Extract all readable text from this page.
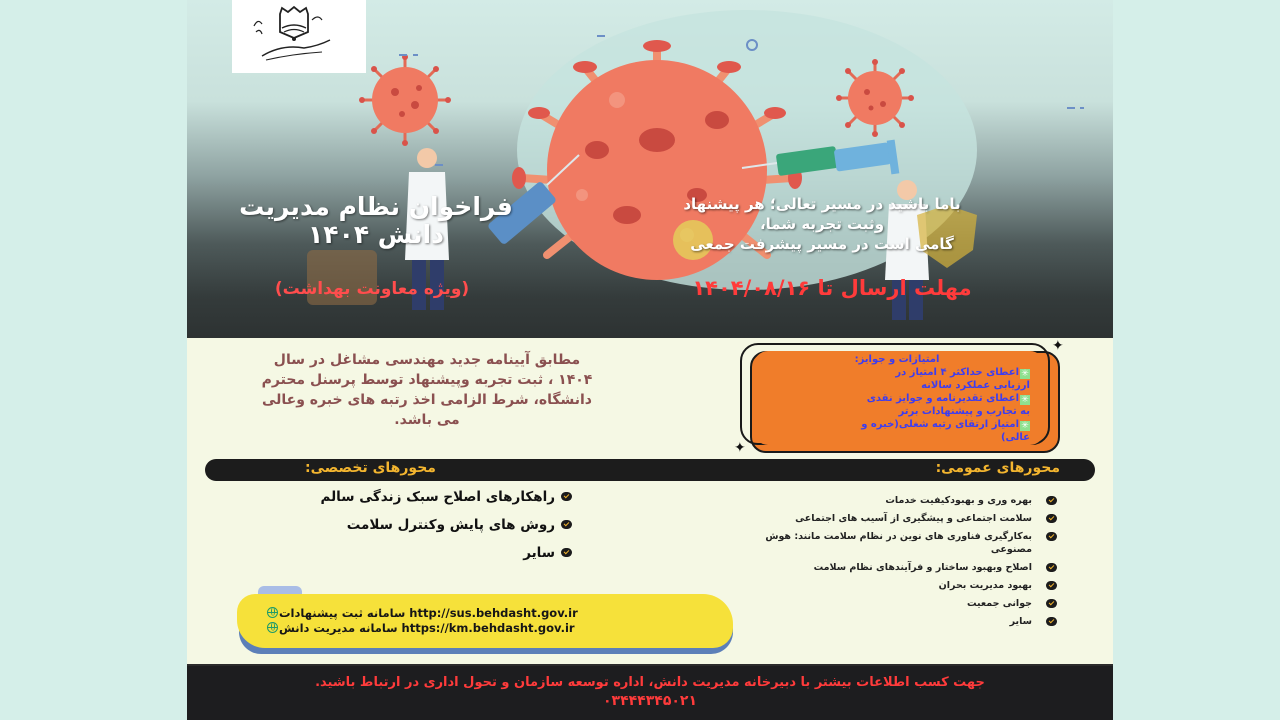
فراخوان نظام مدیریت
دانش ۱۴۰۴
(ویژه معاونت بهداشت)
باما باشید در مسیر تعالی؛ هر پیشنهاد
وثبت تجربه شما،
گامی است در مسیر پیشرفت جمعی
مهلت ارسال تا ۱۴۰۴/۰۸/۱۶
مطابق آیینامه جدید مهندسی مشاغل در سال
۱۴۰۴ ، ثبت تجربه وپیشنهاد توسط پرسنل محترم
دانشگاه، شرط الزامی اخذ رتبه های خبره وعالی
می باشد.
امتیازات و جوایز:
✳اعطای حداکثر ۴ امتیاز در
ارزیابی عملکرد سالانه
✳اعطای تقدیرنامه و جوایز نقدی
به تجارب و پیشنهادات برتر
✳امتیاز ارتقای رتبه شغلی(خبره و
عالی)
✦
✦
محورهای عمومی:
محورهای تخصصی:
راهکارهای اصلاح سبک زندگی سالم
روش های پایش وکنترل سلامت
سایر
بهره وری و بهبودکیفیت خدمات
سلامت اجتماعی و پیشگیری از آسیب های اجتماعی
به‌کارگیری فناوری های نوین در نظام سلامت مانند: هوش مصنوعی
اصلاح وبهبود ساختار و فرآیندهای نظام سلامت
بهبود مدیریت بحران
جوانی جمعیت
سایر
سامانه ثبت پیشنهادات http://sus.behdasht.gov.ir
سامانه مدیریت دانش https://km.behdasht.gov.ir
جهت کسب اطلاعات بیشتر با دبیرخانه مدیریت دانش، اداره توسعه سازمان و تحول اداری در ارتباط باشید.
۰۳۴۴۴۳۴۵۰۲۱
